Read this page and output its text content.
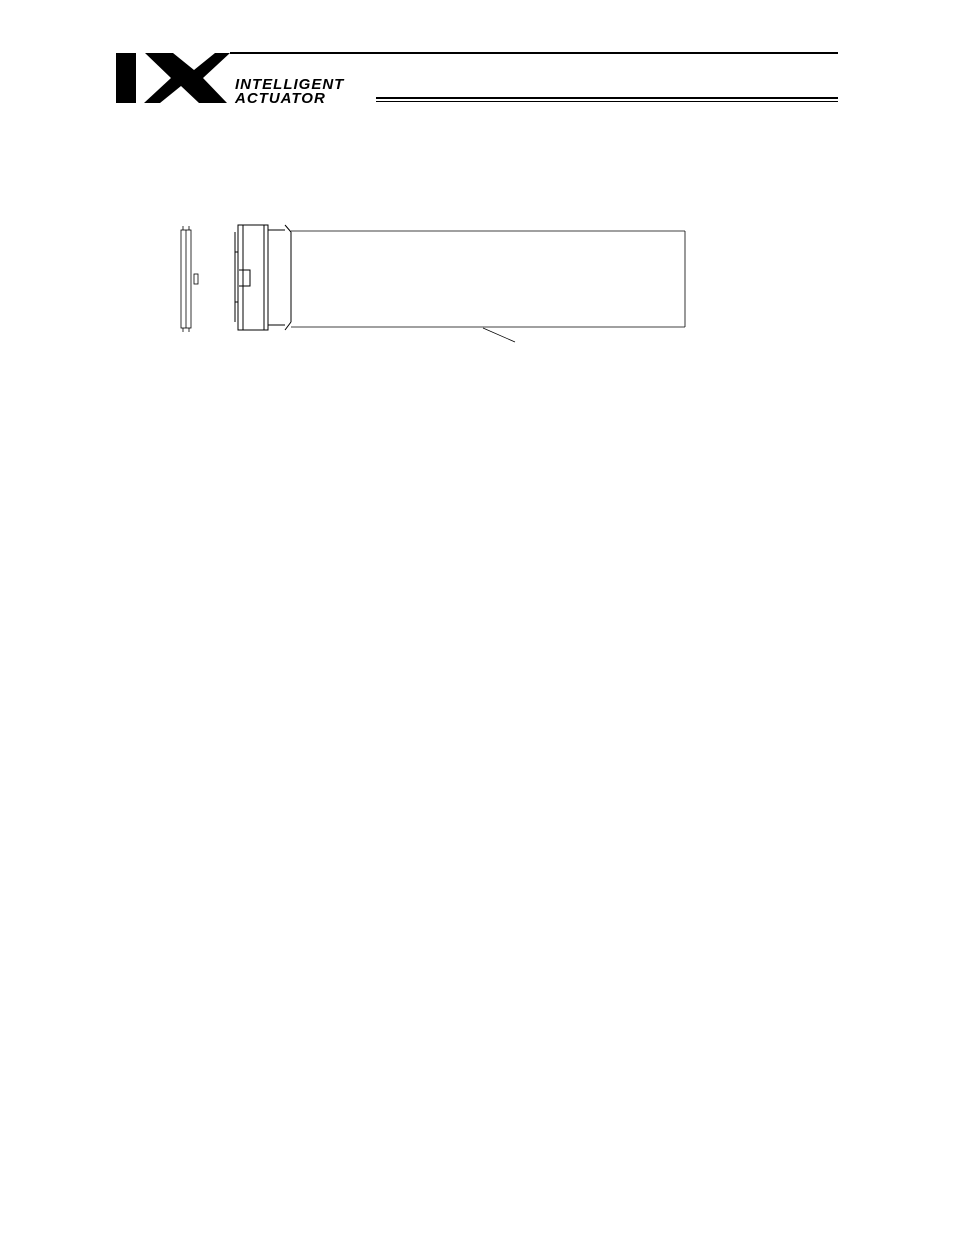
INTELLIGENT
ACTUATOR
